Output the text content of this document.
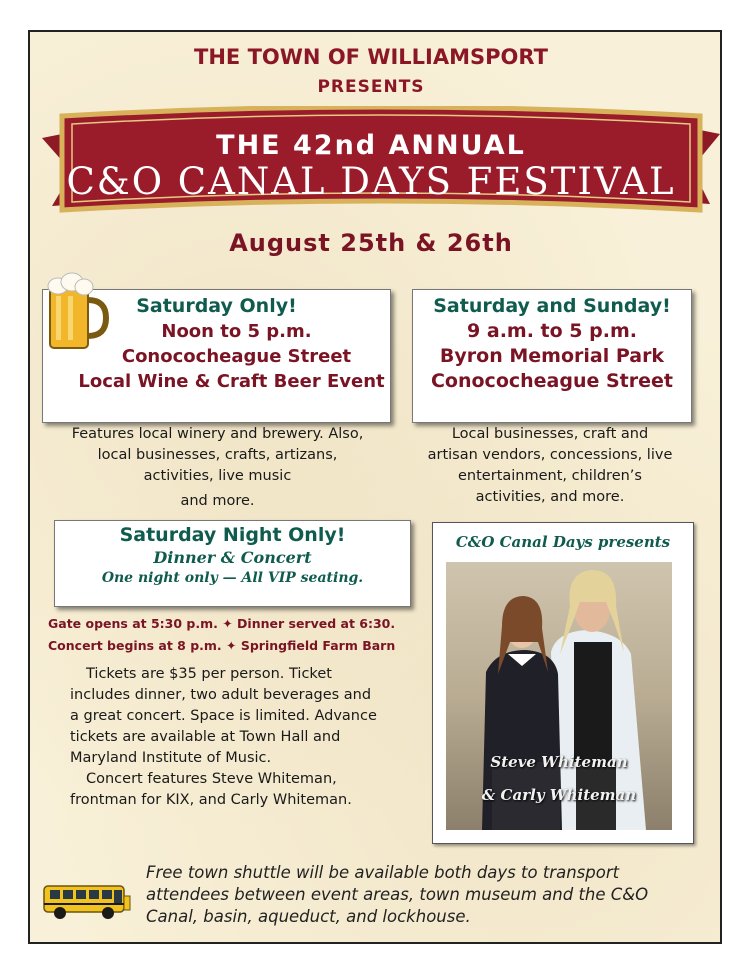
THE TOWN OF WILLIAMSPORT
PRESENTS
THE 42nd ANNUAL
C&O CANAL DAYS FESTIVAL
August 25th & 26th
Saturday Only!
Noon to 5 p.m.
Conococheague Street
Local Wine & Craft Beer Event
Features local winery and brewery. Also,
local businesses, crafts, artizans,
activities, live music
and more.
Saturday and Sunday!
9 a.m. to 5 p.m.
Byron Memorial Park
Conococheague Street
Local businesses, craft and
artisan vendors, concessions, live
entertainment, children’s
activities, and more.
Saturday Night Only!
Dinner & Concert
One night only — All VIP seating.
Gate opens at 5:30 p.m. ✦ Dinner served at 6:30.
Concert begins at 8 p.m. ✦ Springfield Farm Barn
Tickets are $35 per person. Ticket
includes dinner, two adult beverages and
a great concert. Space is limited. Advance
tickets are available at Town Hall and
Maryland Institute of Music.
Concert features Steve Whiteman,
frontman for KIX, and Carly Whiteman.
C&O Canal Days presents
Steve Whiteman
& Carly Whiteman
Free town shuttle will be available both days to transport
attendees between event areas, town museum and the C&O
Canal, basin, aqueduct, and lockhouse.
